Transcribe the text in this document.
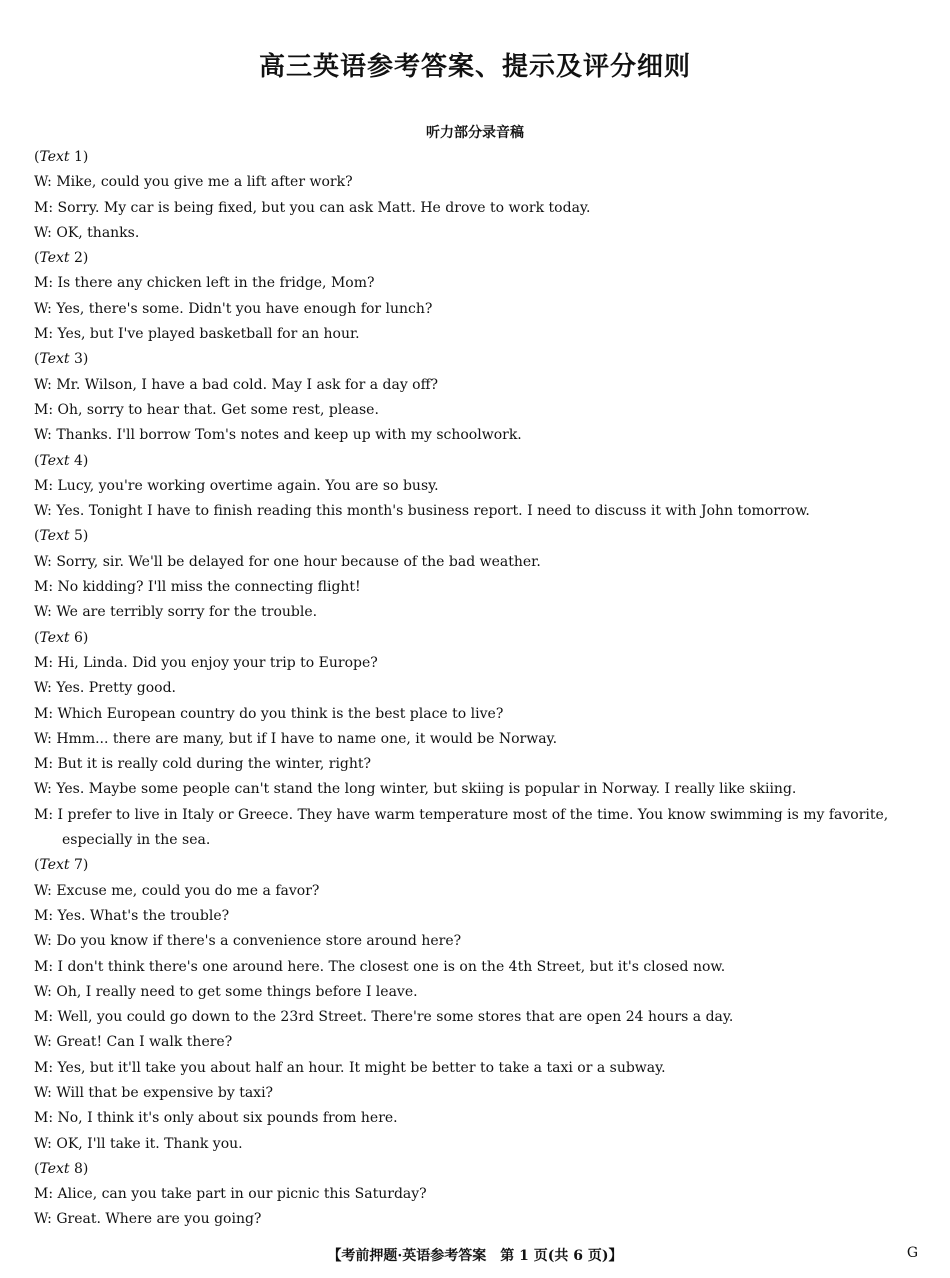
高三英语参考答案、提示及评分细则
听力部分录音稿
(Text 1)
W: Mike, could you give me a lift after work?
M: Sorry. My car is being fixed, but you can ask Matt. He drove to work today.
W: OK, thanks.
(Text 2)
M: Is there any chicken left in the fridge, Mom?
W: Yes, there's some. Didn't you have enough for lunch?
M: Yes, but I've played basketball for an hour.
(Text 3)
W: Mr. Wilson, I have a bad cold. May I ask for a day off?
M: Oh, sorry to hear that. Get some rest, please.
W: Thanks. I'll borrow Tom's notes and keep up with my schoolwork.
(Text 4)
M: Lucy, you're working overtime again. You are so busy.
W: Yes. Tonight I have to finish reading this month's business report. I need to discuss it with John tomorrow.
(Text 5)
W: Sorry, sir. We'll be delayed for one hour because of the bad weather.
M: No kidding? I'll miss the connecting flight!
W: We are terribly sorry for the trouble.
(Text 6)
M: Hi, Linda. Did you enjoy your trip to Europe?
W: Yes. Pretty good.
M: Which European country do you think is the best place to live?
W: Hmm... there are many, but if I have to name one, it would be Norway.
M: But it is really cold during the winter, right?
W: Yes. Maybe some people can't stand the long winter, but skiing is popular in Norway. I really like skiing.
M: I prefer to live in Italy or Greece. They have warm temperature most of the time. You know swimming is my favorite, especially in the sea.
(Text 7)
W: Excuse me, could you do me a favor?
M: Yes. What's the trouble?
W: Do you know if there's a convenience store around here?
M: I don't think there's one around here. The closest one is on the 4th Street, but it's closed now.
W: Oh, I really need to get some things before I leave.
M: Well, you could go down to the 23rd Street. There're some stores that are open 24 hours a day.
W: Great! Can I walk there?
M: Yes, but it'll take you about half an hour. It might be better to take a taxi or a subway.
W: Will that be expensive by taxi?
M: No, I think it's only about six pounds from here.
W: OK, I'll take it. Thank you.
(Text 8)
M: Alice, can you take part in our picnic this Saturday?
W: Great. Where are you going?
【考前押题·英语参考答案　第 1 页(共 6 页)】	G
